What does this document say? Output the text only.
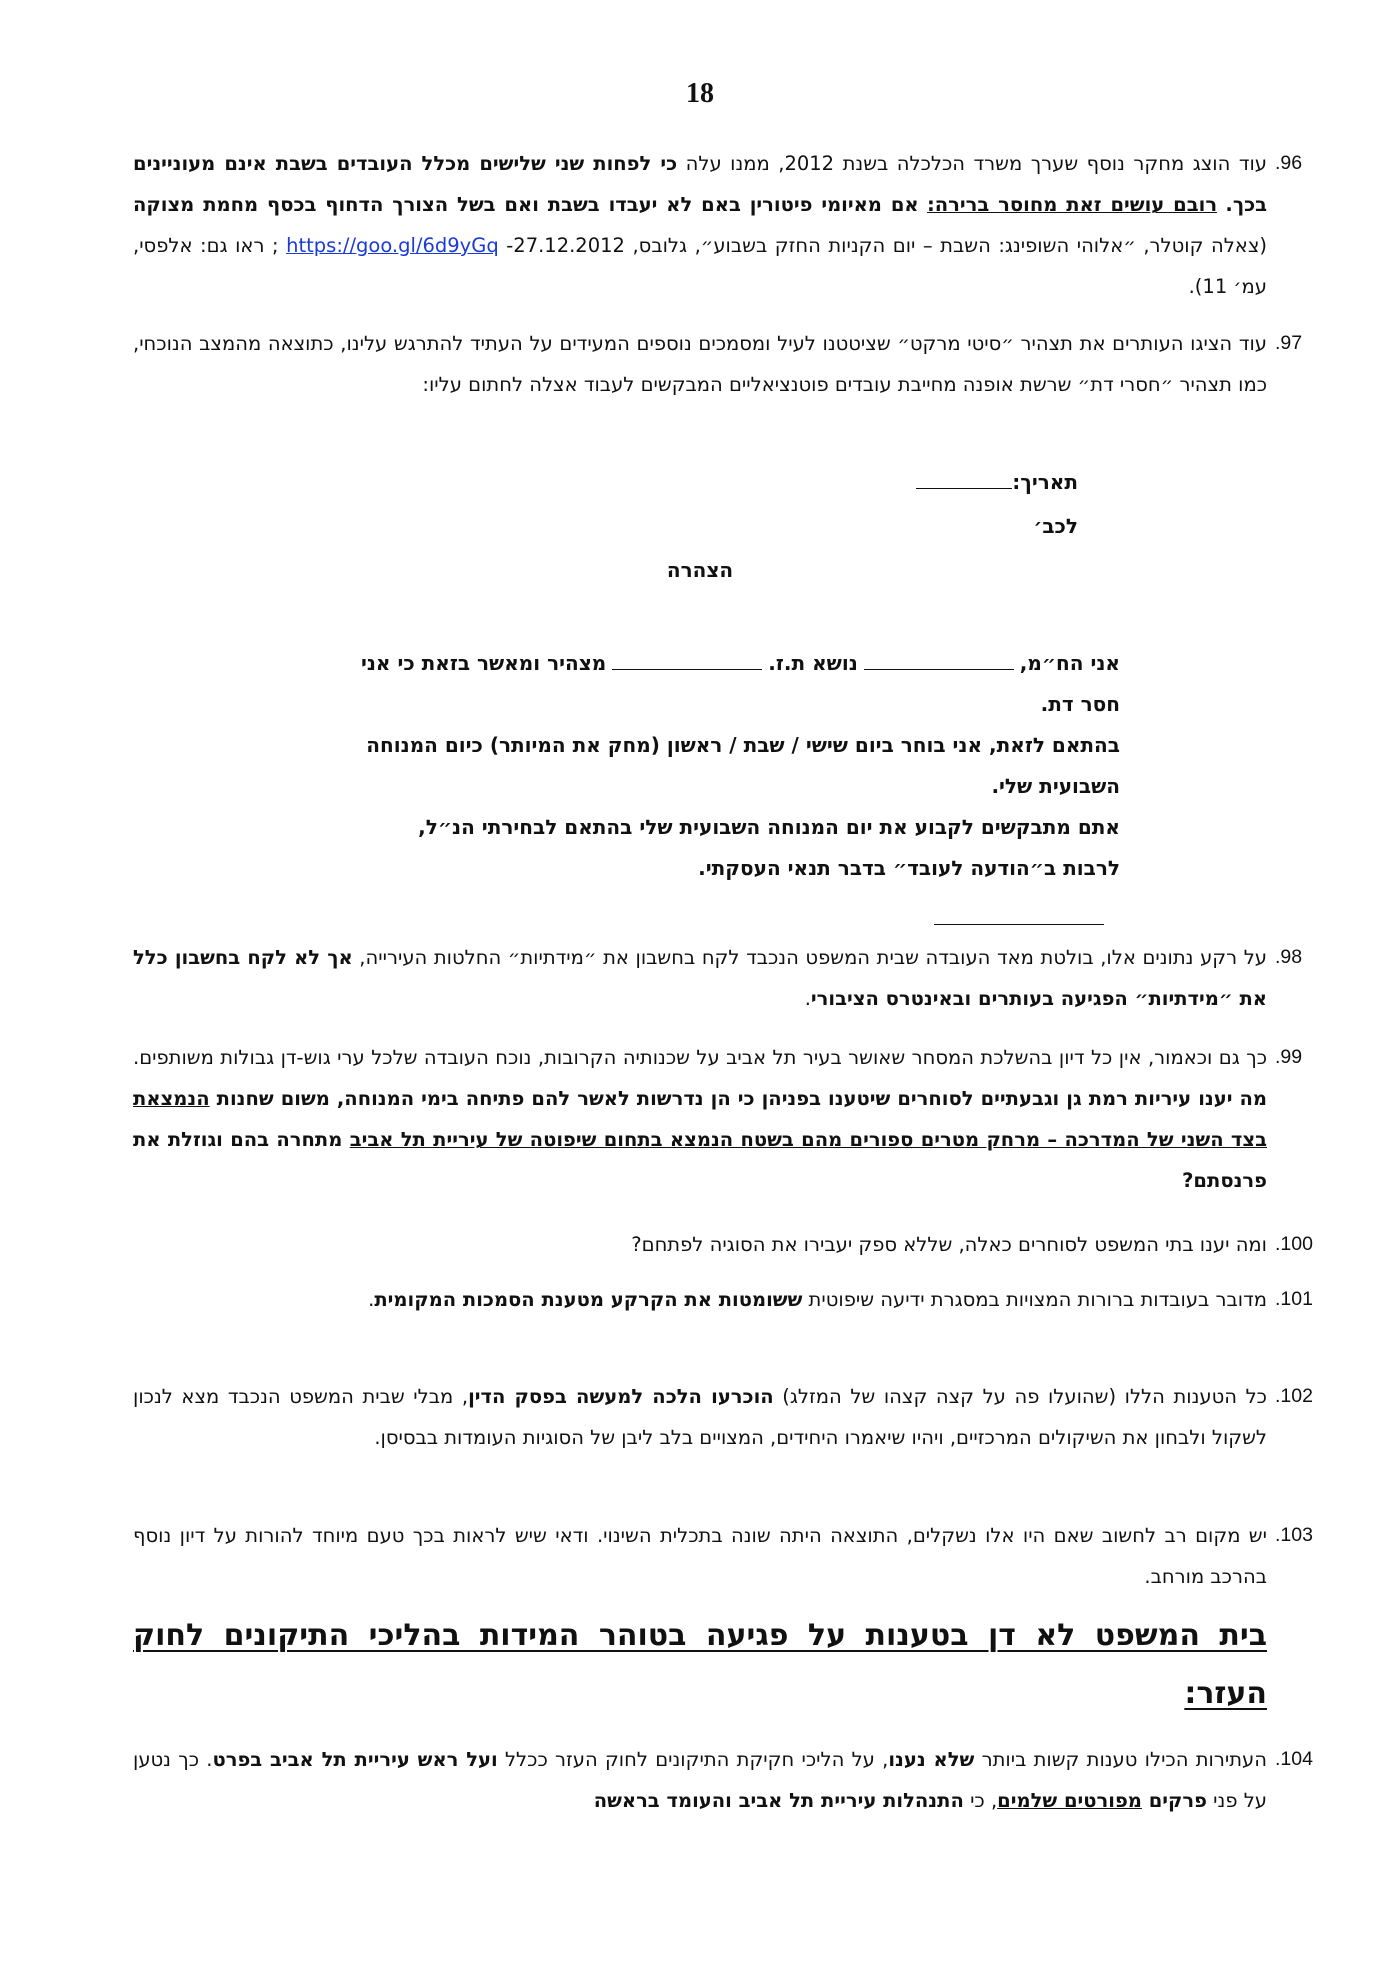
18
.96
עוד הוצג מחקר נוסף שערך משרד הכלכלה בשנת 2012, ממנו עלה כי לפחות שני שלישים מכלל העובדים בשבת אינם מעוניינים בכך. רובם עושים זאת מחוסר ברירה: אם מאיומי פיטורין באם לא יעבדו בשבת ואם בשל הצורך הדחוף בכסף מחמת מצוקה (צאלה קוטלר, ״אלוהי השופינג: השבת – יום הקניות החזק בשבוע״, גלובס, 27.12.2012- https://goo.gl/6d9yGq ; ראו גם: אלפסי, עמ׳ 11).
.97
עוד הציגו העותרים את תצהיר ״סיטי מרקט״ שציטטנו לעיל ומסמכים נוספים המעידים על העתיד להתרגש עלינו, כתוצאה מהמצב הנוכחי, כמו תצהיר ״חסרי דת״ שרשת אופנה מחייבת עובדים פוטנציאליים המבקשים לעבוד אצלה לחתום עליו:
תאריך:
לכב׳
הצהרה
אני הח״מ,נושא ת.ז.מצהיר ומאשר בזאת כי אני
חסר דת.
בהתאם לזאת, אני בוחר ביום שישי / שבת / ראשון (מחק את המיותר) כיום המנוחה
השבועית שלי.
אתם מתבקשים לקבוע את יום המנוחה השבועית שלי בהתאם לבחירתי הנ״ל,
לרבות ב״הודעה לעובד״ בדבר תנאי העסקתי.
.98
על רקע נתונים אלו, בולטת מאד העובדה שבית המשפט הנכבד לקח בחשבון את ״מידתיות״ החלטות העירייה, אך לא לקח בחשבון כלל את ״מידתיות״ הפגיעה בעותרים ובאינטרס הציבורי.
.99
כך גם וכאמור, אין כל דיון בהשלכת המסחר שאושר בעיר תל אביב על שכנותיה הקרובות, נוכח העובדה שלכל ערי גוש-דן גבולות משותפים. מה יענו עיריות רמת גן וגבעתיים לסוחרים שיטענו בפניהן כי הן נדרשות לאשר להם פתיחה בימי המנוחה, משום שחנות הנמצאת בצד השני של המדרכה – מרחק מטרים ספורים מהם בשטח הנמצא בתחום שיפוטה של עיריית תל אביב מתחרה בהם וגוזלת את פרנסתם?
.100
ומה יענו בתי המשפט לסוחרים כאלה, שללא ספק יעבירו את הסוגיה לפתחם?
.101
מדובר בעובדות ברורות המצויות במסגרת ידיעה שיפוטית ששומטות את הקרקע מטענת הסמכות המקומית.
.102
כל הטענות הללו (שהועלו פה על קצה קצהו של המזלג) הוכרעו הלכה למעשה בפסק הדין, מבלי שבית המשפט הנכבד מצא לנכון לשקול ולבחון את השיקולים המרכזיים, ויהיו שיאמרו היחידים, המצויים בלב ליבן של הסוגיות העומדות בבסיסן.
.103
יש מקום רב לחשוב שאם היו אלו נשקלים, התוצאה היתה שונה בתכלית השינוי. ודאי שיש לראות בכך טעם מיוחד להורות על דיון נוסף בהרכב מורחב.
בית המשפט לא דן בטענות על פגיעה בטוהר המידות בהליכי התיקונים לחוק
העזר:
.104
העתירות הכילו טענות קשות ביותר שלא נענו, על הליכי חקיקת התיקונים לחוק העזר ככלל ועל ראש עיריית תל אביב בפרט. כך נטען על פני פרקים מפורטים שלמים, כי התנהלות עיריית תל אביב והעומד בראשה
